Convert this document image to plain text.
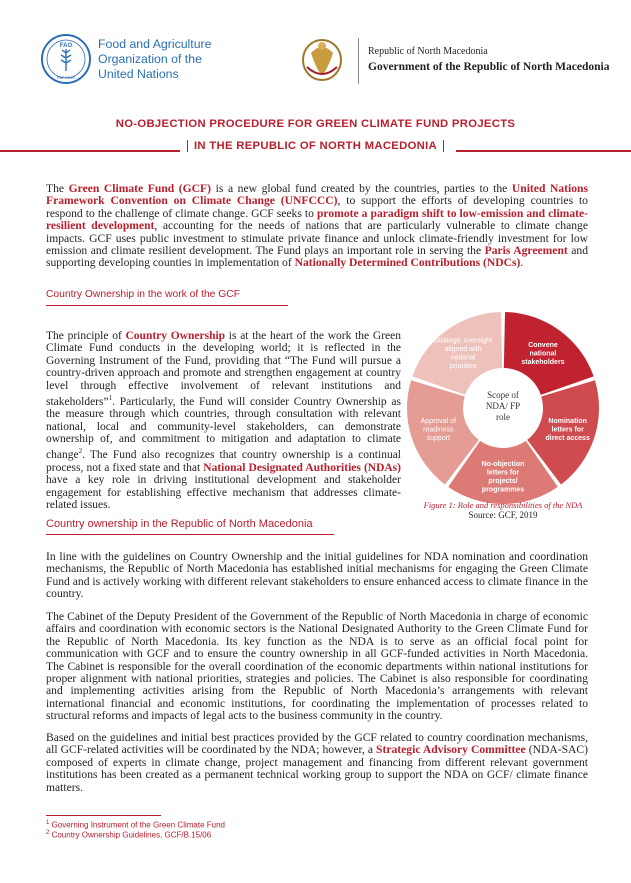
FAO
FIAT PANIS
Food and Agriculture
Organization of the
United Nations
Republic of North Macedonia
Government of the Republic of North Macedonia
NO-OBJECTION PROCEDURE FOR GREEN CLIMATE FUND PROJECTS
IN THE REPUBLIC OF NORTH MACEDONIA
The Green Climate Fund (GCF) is a new global fund created by the countries, parties to the United Nations Framework Convention on Climate Change (UNFCCC), to support the efforts of developing countries to respond to the challenge of climate change. GCF seeks to promote a paradigm shift to low-emission and climate-resilient development, accounting for the needs of nations that are particularly vulnerable to climate change impacts. GCF uses public investment to stimulate private finance and unlock climate-friendly investment for low emission and climate resilient development. The Fund plays an important role in serving the Paris Agreement and supporting developing counties in implementation of Nationally Determined Contributions (NDCs).
Country Ownership in the work of the GCF
The principle of Country Ownership is at the heart of the work the Green Climate Fund conducts in the developing world; it is reflected in the Governing Instrument of the Fund, providing that “The Fund will pursue a country-driven approach and promote and strengthen engagement at country level through effective involvement of relevant institutions and stakeholders”$^1$. Particularly, the Fund will consider Country Ownership as the measure through which countries, through consultation with relevant national, local and community-level stakeholders, can demonstrate ownership of, and commitment to mitigation and adaptation to climate change$^2$. The Fund also recognizes that country ownership is a continual process, not a fixed state and that National Designated Authorities (NDAs) have a key role in driving institutional development and stakeholder engagement for establishing effective mechanism that addresses climate-related issues.
Convene
national
stakeholders
Nomination
letters for
direct access
No-objection
letters for
projects/
programmes
Approval of
readiness
support
Strategic oversight
aligned with
national
priorities
Scope of
NDA/ FP
role
Figure 1: Role and responsibilities of the NDA
Source: GCF, 2019
Country ownership in the Republic of North Macedonia
In line with the guidelines on Country Ownership and the initial guidelines for NDA nomination and coordination mechanisms, the Republic of North Macedonia has established initial mechanisms for engaging the Green Climate Fund and is actively working with different relevant stakeholders to ensure enhanced access to climate finance in the country.
The Cabinet of the Deputy President of the Government of the Republic of North Macedonia in charge of economic affairs and coordination with economic sectors is the National Designated Authority to the Green Climate Fund for the Republic of North Macedonia. Its key function as the NDA is to serve as an official focal point for communication with GCF and to ensure the country ownership in all GCF-funded activities in North Macedonia. The Cabinet is responsible for the overall coordination of the economic departments within national institutions for proper alignment with national priorities, strategies and policies. The Cabinet is also responsible for coordinating and implementing activities arising from the Republic of North Macedonia’s arrangements with relevant international financial and economic institutions, for coordinating the implementation of processes related to structural reforms and impacts of legal acts to the business community in the country.
Based on the guidelines and initial best practices provided by the GCF related to country coordination mechanisms, all GCF-related activities will be coordinated by the NDA; however, a Strategic Advisory Committee (NDA-SAC) composed of experts in climate change, project management and financing from different relevant government institutions has been created as a permanent technical working group to support the NDA on GCF/ climate finance matters.
$^1$ Governing Instrument of the Green Climate Fund
$^2$ Country Ownership Guidelines, GCF/B.15/06
